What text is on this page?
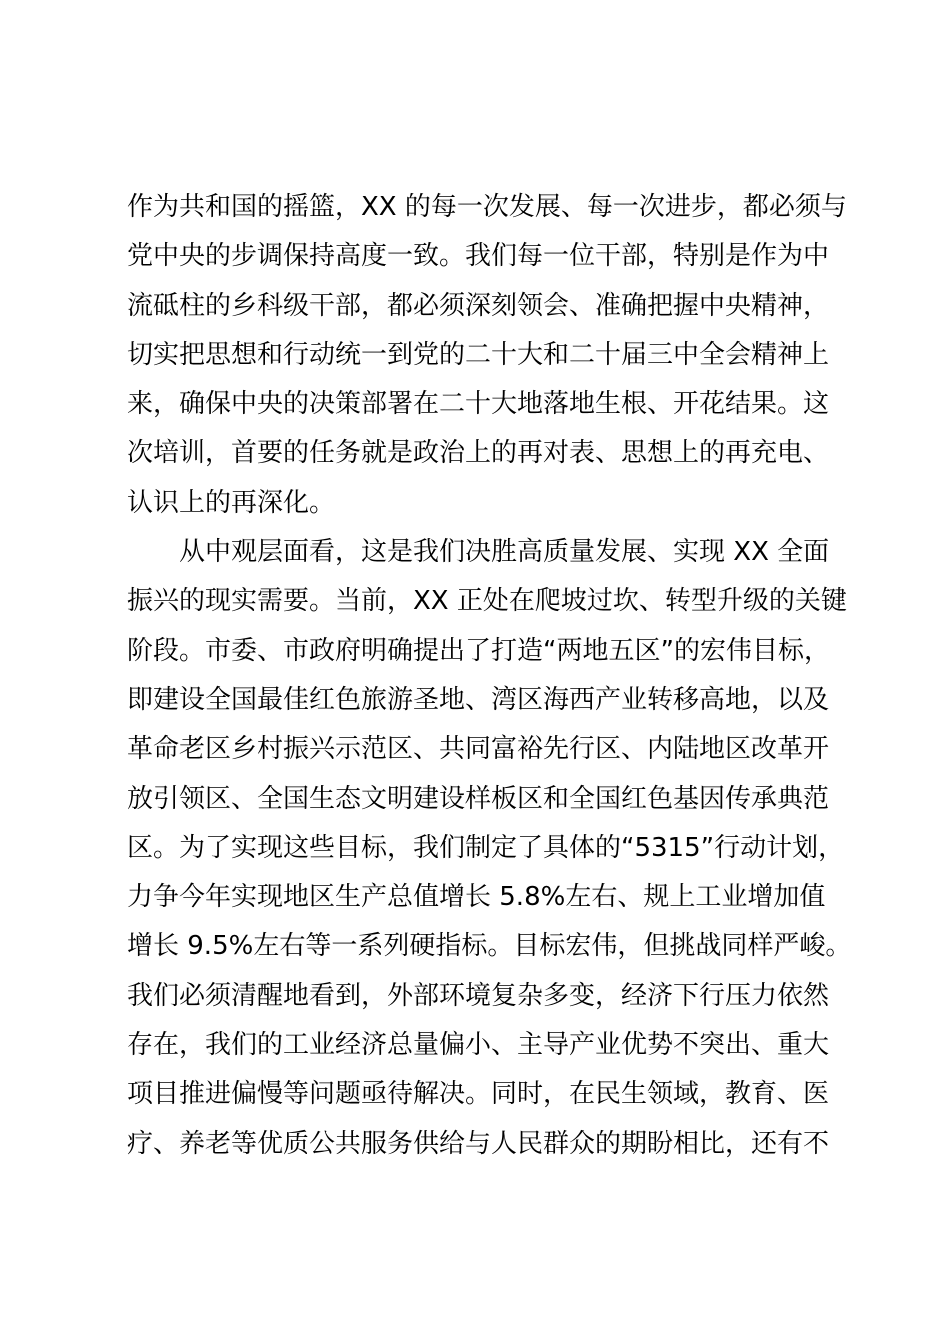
作为共和国的摇篮，XX 的每一次发展、每一次进步，都必须与
党中央的步调保持高度一致。我们每一位干部，特别是作为中
流砥柱的乡科级干部，都必须深刻领会、准确把握中央精神，
切实把思想和行动统一到党的二十大和二十届三中全会精神上
来，确保中央的决策部署在二十大地落地生根、开花结果。这
次培训，首要的任务就是政治上的再对表、思想上的再充电、
认识上的再深化。
从中观层面看，这是我们决胜高质量发展、实现 XX 全面
振兴的现实需要。当前，XX 正处在爬坡过坎、转型升级的关键
阶段。市委、市政府明确提出了打造“两地五区”的宏伟目标，
即建设全国最佳红色旅游圣地、湾区海西产业转移高地，以及
革命老区乡村振兴示范区、共同富裕先行区、内陆地区改革开
放引领区、全国生态文明建设样板区和全国红色基因传承典范
区。为了实现这些目标，我们制定了具体的“5315”行动计划，
力争今年实现地区生产总值增长 5.8%左右、规上工业增加值
增长 9.5%左右等一系列硬指标。目标宏伟，但挑战同样严峻。
我们必须清醒地看到，外部环境复杂多变，经济下行压力依然
存在，我们的工业经济总量偏小、主导产业优势不突出、重大
项目推进偏慢等问题亟待解决。同时，在民生领域，教育、医
疗、养老等优质公共服务供给与人民群众的期盼相比，还有不
